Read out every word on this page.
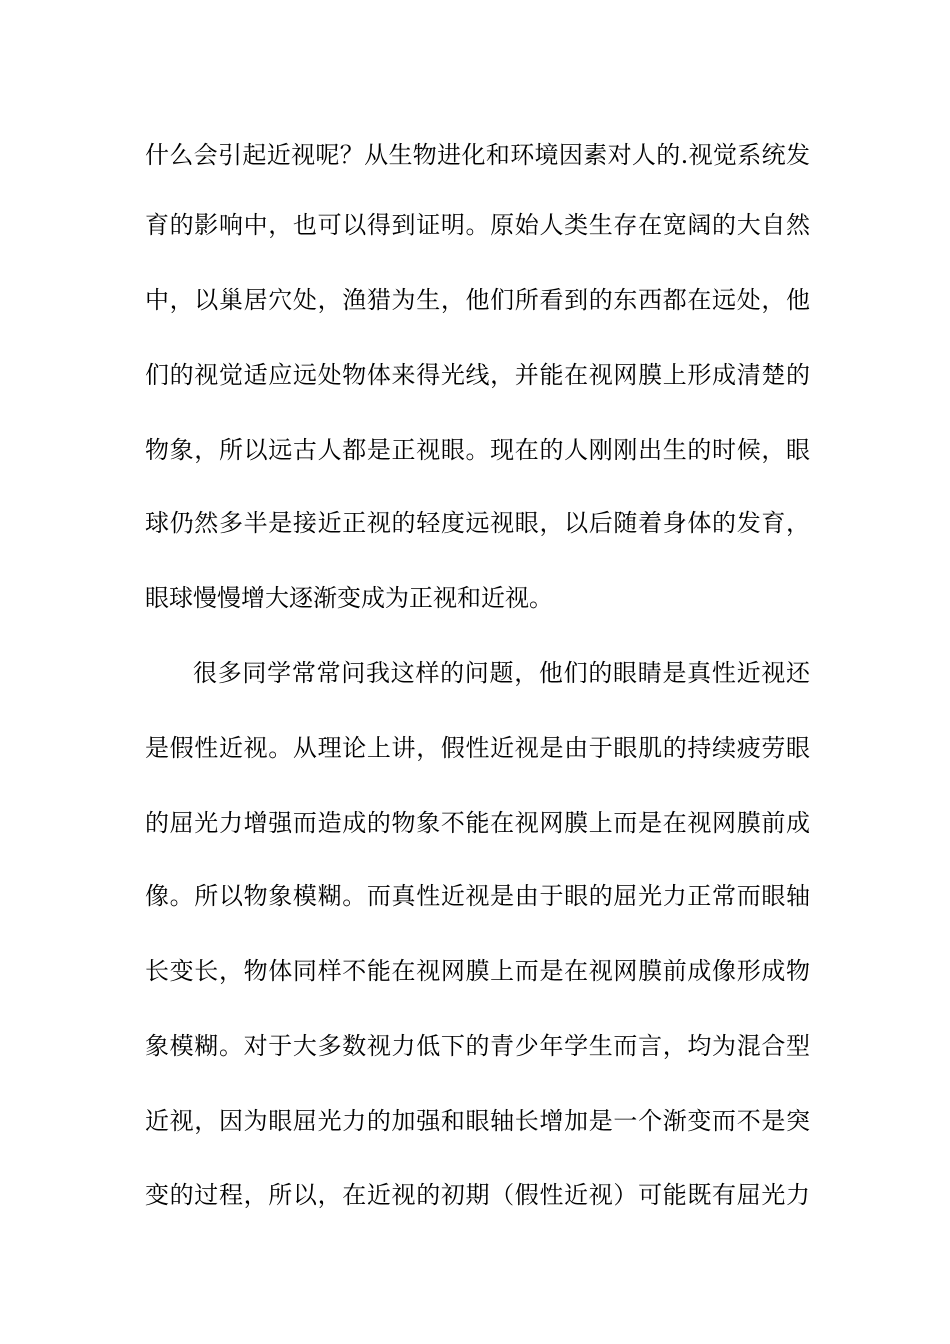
什么会引起近视呢？从生物进化和环境因素对人的.视觉系统发
育的影响中，也可以得到证明。原始人类生存在宽阔的大自然
中，以巢居穴处，渔猎为生，他们所看到的东西都在远处，他
们的视觉适应远处物体来得光线，并能在视网膜上形成清楚的
物象，所以远古人都是正视眼。现在的人刚刚出生的时候，眼
球仍然多半是接近正视的轻度远视眼，以后随着身体的发育，
眼球慢慢增大逐渐变成为正视和近视。
很多同学常常问我这样的问题，他们的眼睛是真性近视还
是假性近视。从理论上讲，假性近视是由于眼肌的持续疲劳眼
的屈光力增强而造成的物象不能在视网膜上而是在视网膜前成
像。所以物象模糊。而真性近视是由于眼的屈光力正常而眼轴
长变长，物体同样不能在视网膜上而是在视网膜前成像形成物
象模糊。对于大多数视力低下的青少年学生而言，均为混合型
近视，因为眼屈光力的加强和眼轴长增加是一个渐变而不是突
变的过程，所以，在近视的初期（假性近视）可能既有屈光力
